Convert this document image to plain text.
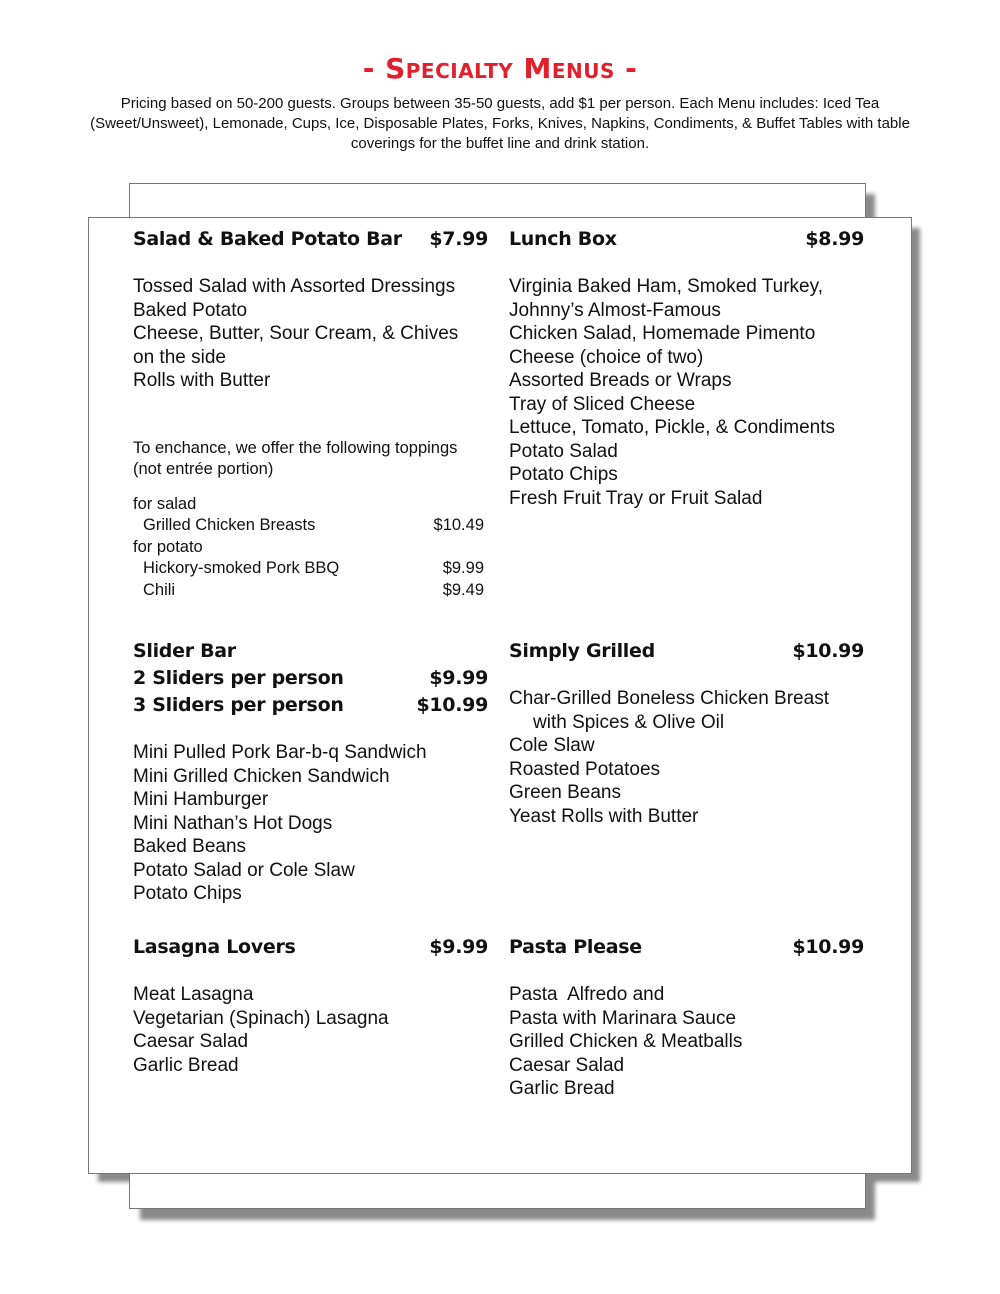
- Specialty Menus -
Pricing based on 50-200 guests. Groups between 35-50 guests, add $1 per person. Each Menu includes: Iced Tea (Sweet/Unsweet), Lemonade, Cups, Ice, Disposable Plates, Forks, Knives, Napkins, Condiments, & Buffet Tables with table coverings for the buffet line and drink station.
Salad & Baked Potato Bar $7.99
Tossed Salad with Assorted Dressings
Baked Potato
Cheese, Butter, Sour Cream, & Chives
on the side
Rolls with Butter
To enchance, we offer the following toppings
(not entrée portion)
for salad
Grilled Chicken Breasts	$10.49
for potato
Hickory-smoked Pork BBQ	$9.99
Chili	$9.49
Lunch Box	$8.99
Virginia Baked Ham, Smoked Turkey,
Johnny’s Almost-Famous
Chicken Salad, Homemade Pimento
Cheese (choice of two)
Assorted Breads or Wraps
Tray of Sliced Cheese
Lettuce, Tomato, Pickle, & Condiments
Potato Salad
Potato Chips
Fresh Fruit Tray or Fruit Salad
Slider Bar
2 Sliders per person	$9.99
3 Sliders per person	$10.99
Mini Pulled Pork Bar-b-q Sandwich
Mini Grilled Chicken Sandwich
Mini Hamburger
Mini Nathan’s Hot Dogs
Baked Beans
Potato Salad or Cole Slaw
Potato Chips
Simply Grilled	$10.99
Char-Grilled Boneless Chicken Breast
with Spices & Olive Oil
Cole Slaw
Roasted Potatoes
Green Beans
Yeast Rolls with Butter
Lasagna Lovers	$9.99
Meat Lasagna
Vegetarian (Spinach) Lasagna
Caesar Salad
Garlic Bread
Pasta Please	$10.99
Pasta  Alfredo and
Pasta with Marinara Sauce
Grilled Chicken & Meatballs
Caesar Salad
Garlic Bread
